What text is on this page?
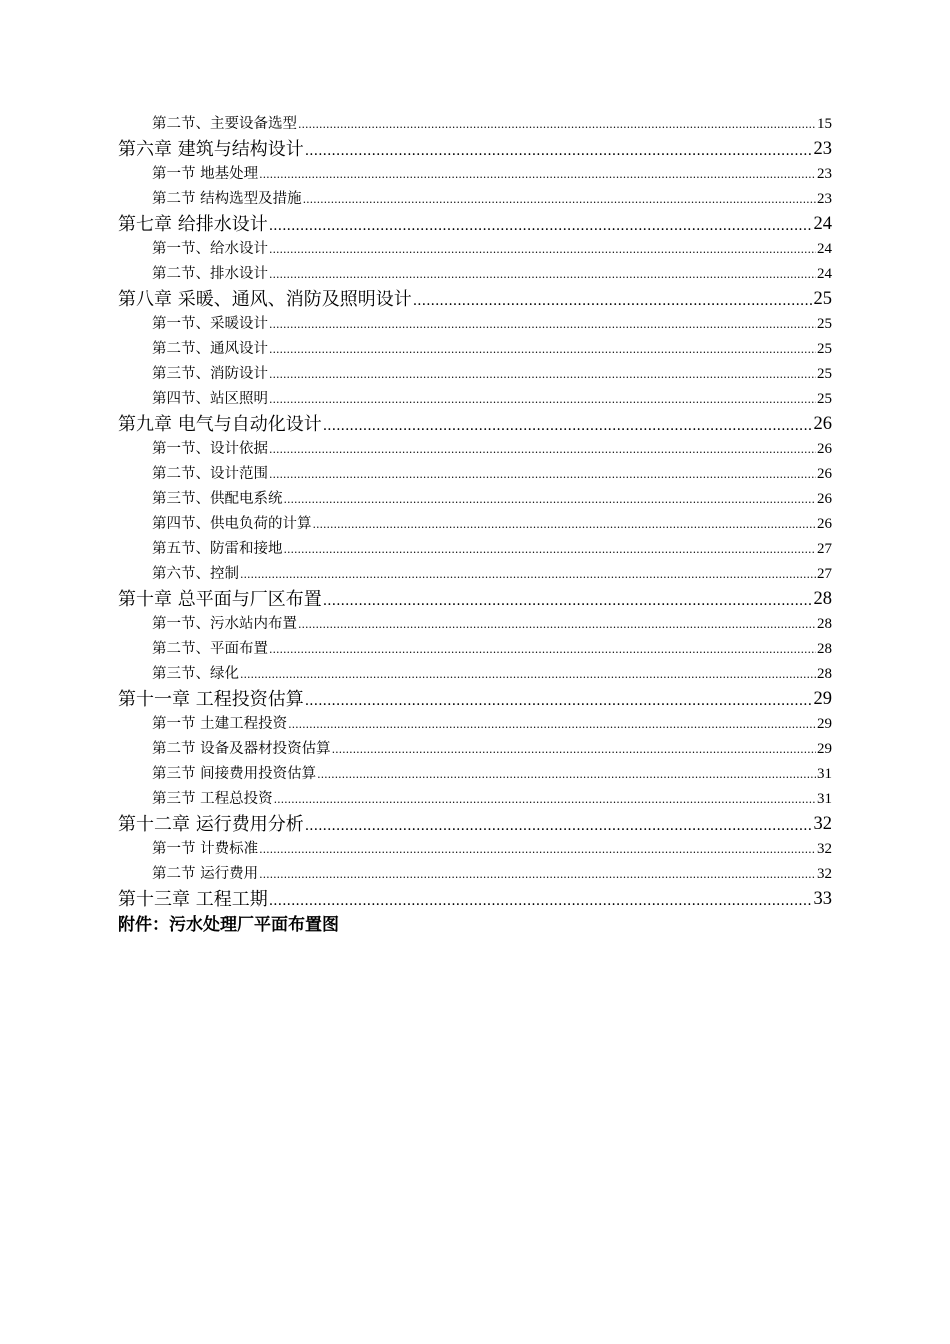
第二节、主要设备选型 .....	15
第六章 建筑与结构设计 .....	23
第一节 地基处理 .....	23
第二节 结构选型及措施 .....	23
第七章 给排水设计 .....	24
第一节、给水设计 .....	24
第二节、排水设计 .....	24
第八章 采暖、通风、消防及照明设计 .....	25
第一节、采暖设计 .....	25
第二节、通风设计 .....	25
第三节、消防设计 .....	25
第四节、站区照明 .....	25
第九章 电气与自动化设计 .....	26
第一节、设计依据 .....	26
第二节、设计范围 .....	26
第三节、供配电系统 .....	26
第四节、供电负荷的计算 .....	26
第五节、防雷和接地 .....	27
第六节、控制 .....	27
第十章 总平面与厂区布置 .....	28
第一节、污水站内布置 .....	28
第二节、平面布置 .....	28
第三节、绿化 .....	28
第十一章 工程投资估算 .....	29
第一节 土建工程投资 .....	29
第二节 设备及器材投资估算 .....	29
第三节 间接费用投资估算 .....	31
第三节 工程总投资 .....	31
第十二章 运行费用分析 .....	32
第一节 计费标准 .....	32
第二节 运行费用 .....	32
第十三章 工程工期 .....	33
附件：污水处理厂平面布置图
